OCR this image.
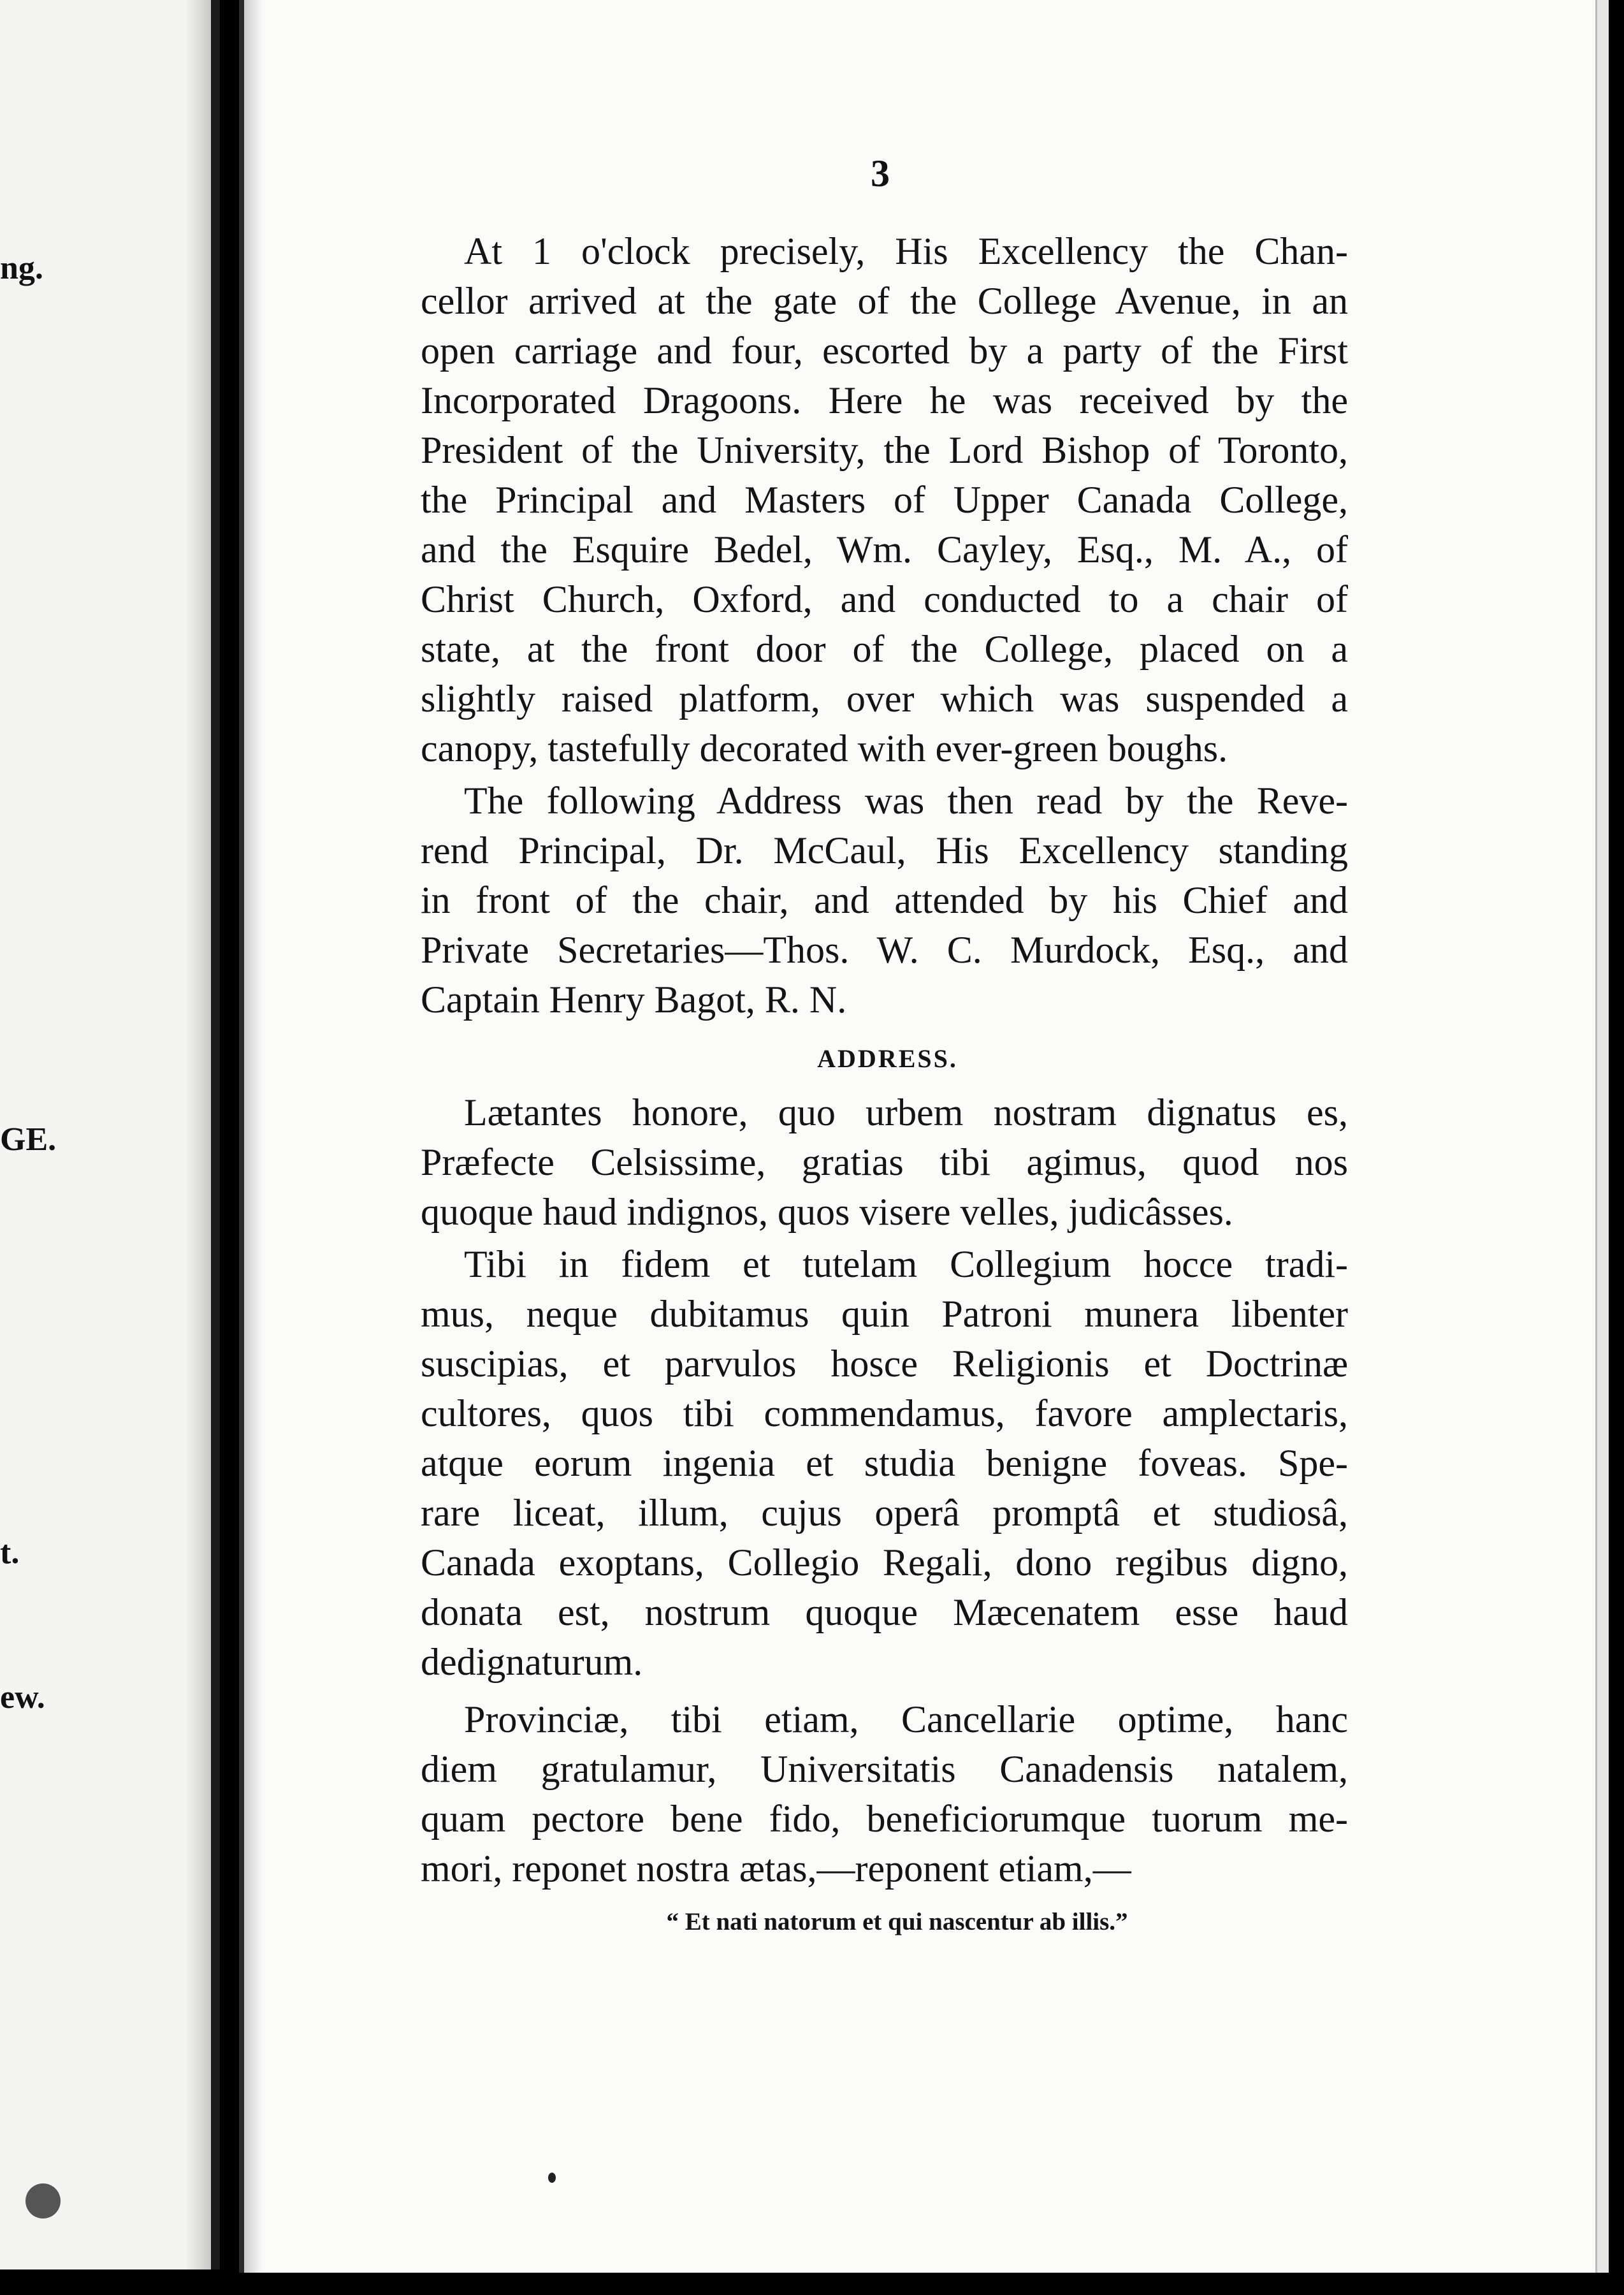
ng.
GE.
t.
ew.
3
At 1 o'clock precisely, His Excellency the Chan-
cellor arrived at the gate of the College Avenue, in an
open carriage and four, escorted by a party of the First
Incorporated Dragoons. Here he was received by the
President of the University, the Lord Bishop of Toronto,
the Principal and Masters of Upper Canada College,
and the Esquire Bedel, Wm. Cayley, Esq., M. A., of
Christ Church, Oxford, and conducted to a chair of
state, at the front door of the College, placed on a
slightly raised platform, over which was suspended a
canopy, tastefully decorated with ever-green boughs.
The following Address was then read by the Reve-
rend Principal, Dr. McCaul, His Excellency standing
in front of the chair, and attended by his Chief and
Private Secretaries—Thos. W. C. Murdock, Esq., and
Captain Henry Bagot, R. N.
ADDRESS.
Lætantes honore, quo urbem nostram dignatus es,
Præfecte Celsissime, gratias tibi agimus, quod nos
quoque haud indignos, quos visere velles, judicâsses.
Tibi in fidem et tutelam Collegium hocce tradi-
mus, neque dubitamus quin Patroni munera libenter
suscipias, et parvulos hosce Religionis et Doctrinæ
cultores, quos tibi commendamus, favore amplectaris,
atque eorum ingenia et studia benigne foveas. Spe-
rare liceat, illum, cujus operâ promptâ et studiosâ,
Canada exoptans, Collegio Regali, dono regibus digno,
donata est, nostrum quoque Mæcenatem esse haud
dedignaturum.
Provinciæ, tibi etiam, Cancellarie optime, hanc
diem gratulamur, Universitatis Canadensis natalem,
quam pectore bene fido, beneficiorumque tuorum me-
mori, reponet nostra ætas,—reponent etiam,—
“ Et nati natorum et qui nascentur ab illis.”
